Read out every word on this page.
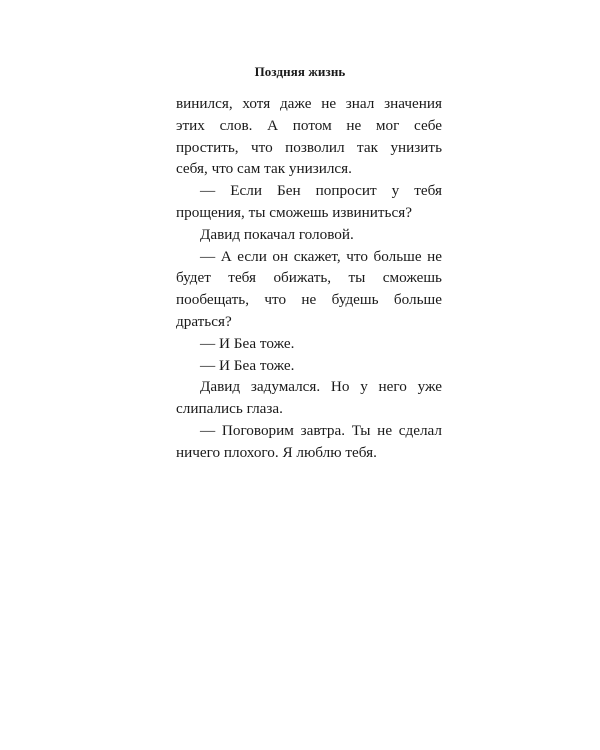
Поздняя жизнь

винился, хотя даже не знал значения этих слов. А потом не мог себе простить, что позволил так унизить себя, что сам так унизился.

— Если Бен попросит у тебя прощения, ты сможешь извиниться?

Давид покачал головой.

— А если он скажет, что больше не будет тебя обижать, ты сможешь пообещать, что не будешь больше драться?

— И Беа тоже.

— И Беа тоже.

Давид задумался. Но у него уже слипались глаза.

— Поговорим завтра. Ты не сделал ничего плохого. Я люблю тебя.
